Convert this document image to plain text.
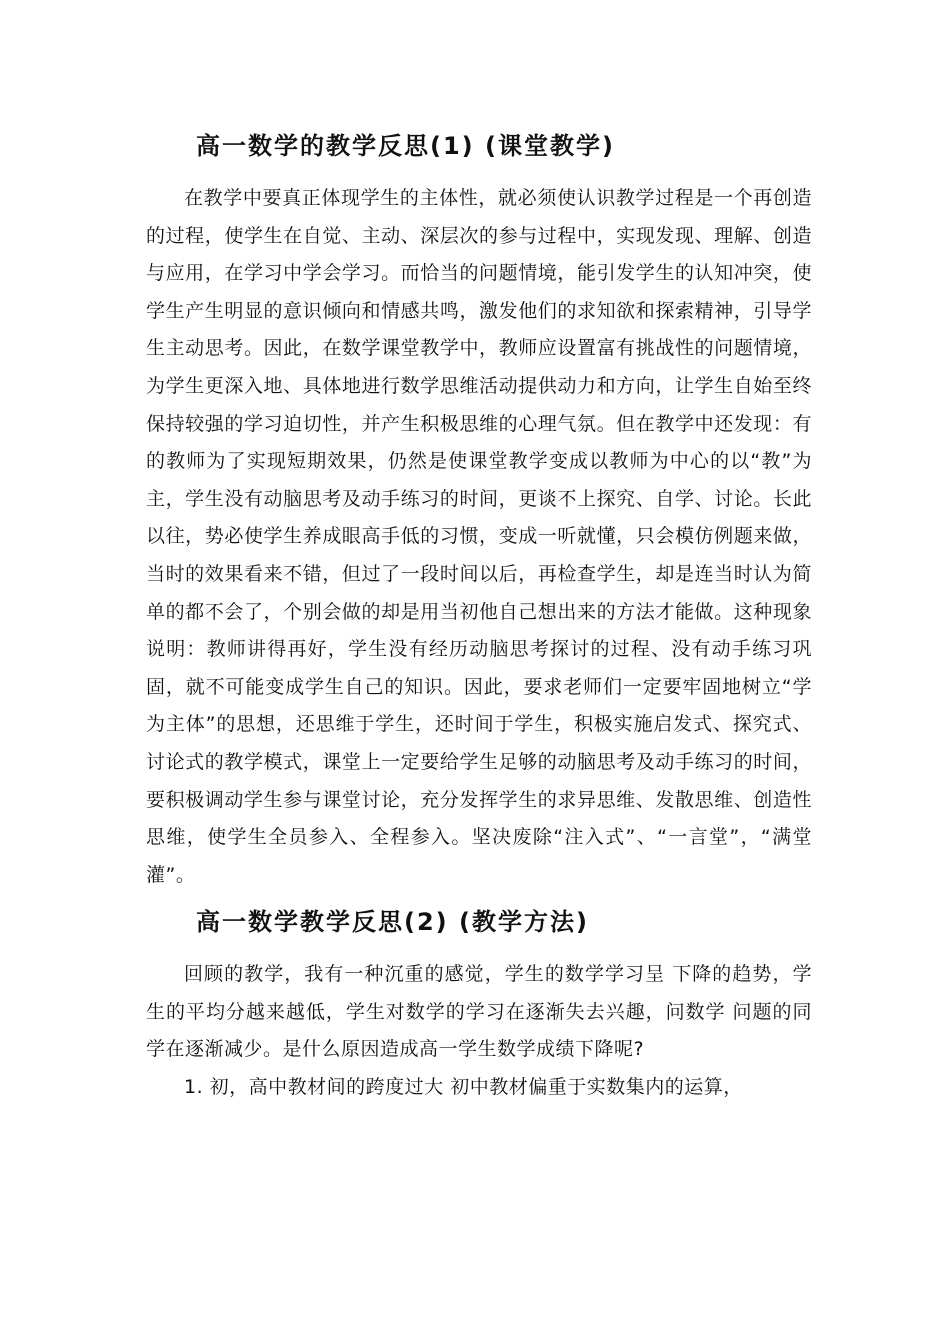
高一数学的教学反思(1) (课堂教学)

在教学中要真正体现学生的主体性，就必须使认识教学过程是一个再创造的过程，使学生在自觉、主动、深层次的参与过程中，实现发现、理解、创造与应用，在学习中学会学习。而恰当的问题情境，能引发学生的认知冲突，使学生产生明显的意识倾向和情感共鸣，激发他们的求知欲和探索精神，引导学生主动思考。因此，在数学课堂教学中，教师应设置富有挑战性的问题情境，为学生更深入地、具体地进行数学思维活动提供动力和方向，让学生自始至终保持较强的学习迫切性，并产生积极思维的心理气氛。但在教学中还发现：有的教师为了实现短期效果，仍然是使课堂教学变成以教师为中心的以“教”为主，学生没有动脑思考及动手练习的时间，更谈不上探究、自学、讨论。长此以往，势必使学生养成眼高手低的习惯，变成一听就懂，只会模仿例题来做，当时的效果看来不错，但过了一段时间以后，再检查学生，却是连当时认为简单的都不会了，个别会做的却是用当初他自己想出来的方法才能做。这种现象说明：教师讲得再好，学生没有经历动脑思考探讨的过程、没有动手练习巩固，就不可能变成学生自己的知识。因此，要求老师们一定要牢固地树立“学为主体”的思想，还思维于学生，还时间于学生，积极实施启发式、探究式、讨论式的教学模式，课堂上一定要给学生足够的动脑思考及动手练习的时间，要积极调动学生参与课堂讨论，充分发挥学生的求异思维、发散思维、创造性思维，使学生全员参入、全程参入。坚决废除“注入式”、“一言堂”，“满堂灌”。

高一数学教学反思(2) (教学方法)

回顾的教学，我有一种沉重的感觉，学生的数学学习呈 下降的趋势，学生的平均分越来越低，学生对数学的学习在逐渐失去兴趣，问数学 问题的同学在逐渐减少。是什么原因造成高一学生数学成绩下降呢?

1. 初，高中教材间的跨度过大 初中教材偏重于实数集内的运算，
